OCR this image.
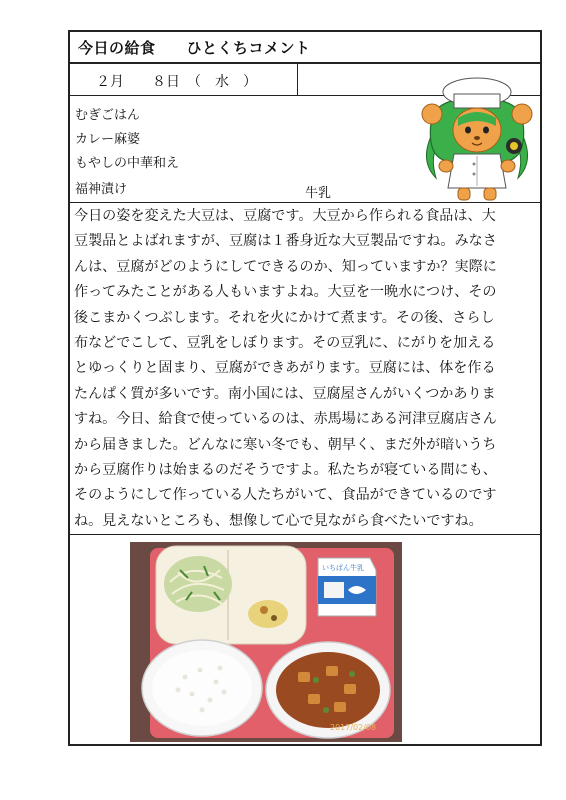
今日の給食　　ひとくちコメント
２月　　８日　（　水　）
むぎごはん
カレー麻婆
もやしの中華和え
福神漬け	牛乳

今日の姿を変えた大豆は、豆腐です。大豆から作られる食品は、大

豆製品とよばれますが、豆腐は１番身近な大豆製品ですね。みなさ

んは、豆腐がどのようにしてできるのか、知っていますか？実際に

作ってみたことがある人もいますよね。大豆を一晩水につけ、その

後こまかくつぶします。それを火にかけて煮ます。その後、さらし

布などでこして、豆乳をしぼります。その豆乳に、にがりを加える

とゆっくりと固まり、豆腐ができあがります。豆腐には、体を作る

たんぱく質が多いです。南小国には、豆腐屋さんがいくつかありま

すね。今日、給食で使っているのは、赤馬場にある河津豆腐店さん

から届きました。どんなに寒い冬でも、朝早く、まだ外が暗いうち

から豆腐作りは始まるのだそうですよ。私たちが寝ている間にも、

そのようにして作っている人たちがいて、食品ができているのです

ね。見えないところも、想像して心で見ながら食べたいですね。

いちばん牛乳
2017/02/08
